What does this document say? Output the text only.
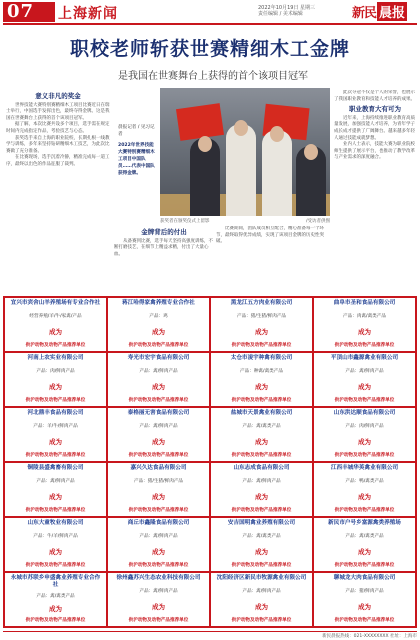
07	上海新闻	2022年10月19日 星期三
责任编辑 / 美术编辑	新民 晨报
职校老师斩获世赛精细木工金牌
是我国在世赛舞台上获得的首个该项目冠军
意义非凡的奖金

世界技能大赛特别赛精细木工项目比赛近日在瑞士举行，中国选手发挥出色，最终夺得金牌。这是我国在世赛舞台上获得的首个该项目冠军。

据了解，本次比赛共设多个项目，选手需在规定时间内完成指定作品，考验技艺与心态。

获奖选手来自上海的职业院校，长期扎根一线教学与训练，多年来坚持钻研精细木工技艺，为此次比赛做了充分准备。

在比赛现场，选手沉着冷静，精准完成每一道工序，最终以出色的作品征服了裁判。

晨报记者 / 见习记者
2022年世界技能大赛特别赛精细木工项目中国队员……代表中国队获得金牌。
获奖者在颁奖仪式上留影	/受访者供图
金牌背后的付出

从备赛到比赛，选手每天坚持高强度训练，不断打磨技艺，在细节上精益求精，付出了大量心血。

比赛期间，团队成员相互配合，精心准备每一个环节，最终取得优异成绩，实现了该项目金牌的历史性突破。

此次夺冠不仅是个人的荣誉，也展示了我国职业教育和技能人才培养的成果。

职业教育大有可为

近年来，上海持续推进职业教育高质量发展，加强技能人才培养，为青年学子成长成才提供了广阔舞台。越来越多年轻人通过技能成就梦想。

业内人士表示，技能大赛为职业院校师生提供了展示平台，也推动了教学改革与产业需求的深度融合。

宜兴市宾舍山羊养殖场有专业合作社
经营养殖/羊/牛/家禽/产品
成为
供沪动物及动物产品推荐单位
蒋江哈得家禽养殖专业合作社
产品：鸡
成为
供沪动物及动物产品推荐单位
黑龙江五方肉业有限公司
产品：猪/生猪/鲜肉产品
成为
供沪动物及动物产品推荐单位
曲阜市圣和食品有限公司
产品：肉禽/禽类产品
成为
供沪动物及动物产品推荐单位
河南上农实业有限公司
产品：肉/鲜肉产品
成为
供沪动物及动物产品推荐单位
寿光市宏宇食品有限公司
产品：禽/鲜肉产品
成为
供沪动物及动物产品推荐单位
太仓市凌宇种禽有限公司
产品：种禽/禽类产品
成为
供沪动物及动物产品推荐单位
平顶山市鑫源禽业有限公司
产品：禽/鲜肉产品
成为
供沪动物及动物产品推荐单位
河北鼎丰食品有限公司
产品：羊/牛/鲜肉产品
成为
供沪动物及动物产品推荐单位
泰格丽无害食品有限公司
产品：禽/鲜肉产品
成为
供沪动物及动物产品推荐单位
盐城市天景禽业有限公司
产品：禽/禽类产品
成为
供沪动物及动物产品推荐单位
山东洪达顺食品有限公司
产品：肉/鲜肉产品
成为
供沪动物及动物产品推荐单位
铜陵县盛禽畜有限公司
产品：禽/鲜肉产品
成为
供沪动物及动物产品推荐单位
嘉兴久达食品有限公司
产品：猪/生猪/鲜肉产品
成为
供沪动物及动物产品推荐单位
山东志成食品有限公司
产品：禽/鲜肉产品
成为
供沪动物及动物产品推荐单位
江西丰城华英禽业有限公司
产品：鸭/禽类产品
成为
供沪动物及动物产品推荐单位
山东大童牧业有限公司
产品：牛/羊/鲜肉产品
成为
供沪动物及动物产品推荐单位
商丘市鑫隆食品有限公司
产品：禽/鲜肉产品
成为
供沪动物及动物产品推荐单位
安吉国明禽业养殖有限公司
产品：禽/禽类产品
成为
供沪动物及动物产品推荐单位
新民市户号乡富源禽类养殖场
产品：禽/禽类产品
成为
供沪动物及动物产品推荐单位
永城市苏联乡申盛禽业养殖专业合作社
产品：禽/禽类产品
成为
供沪动物及动物产品推荐单位
徐州鑫苏兴生态农业科技有限公司
产品：禽/鲜肉产品
成为
供沪动物及动物产品推荐单位
沈阳经济区新民市牧源禽业有限公司
产品：禽/鲜肉产品
成为
供沪动物及动物产品推荐单位
聊城龙大肉食品有限公司
产品：猪/鲜肉产品
成为
供沪动物及动物产品推荐单位
新民晨报热线：021-XXXXXXXX 社址：上海市
